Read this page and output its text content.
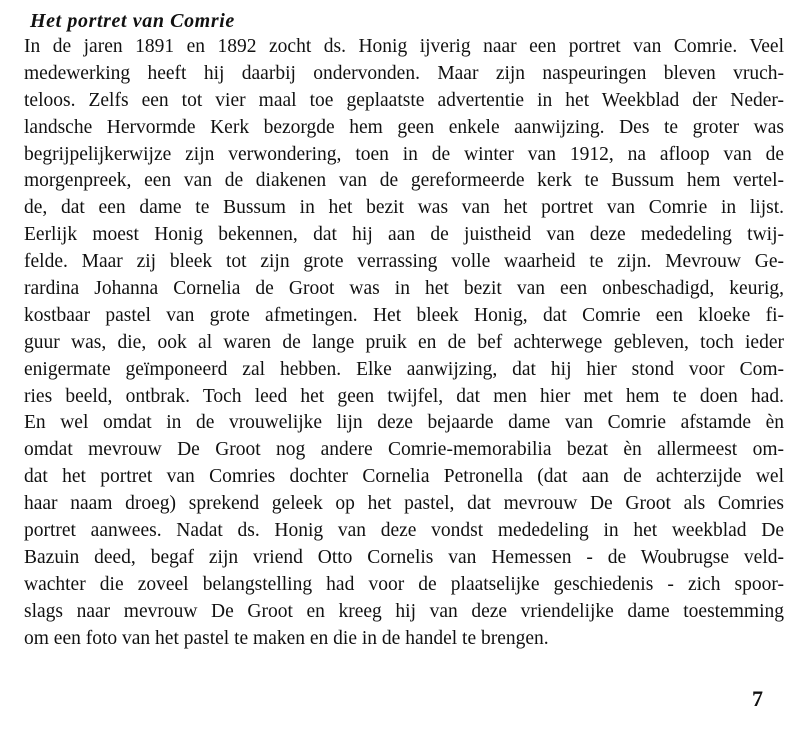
Het portret van Comrie
In de jaren 1891 en 1892 zocht ds. Honig ijverig naar een portret van Comrie. Veel
medewerking heeft hij daarbij ondervonden. Maar zijn naspeuringen bleven vruch-
teloos. Zelfs een tot vier maal toe geplaatste advertentie in het Weekblad der Neder-
landsche Hervormde Kerk bezorgde hem geen enkele aanwijzing. Des te groter was
begrijpelijkerwijze zijn verwondering, toen in de winter van 1912, na afloop van de
morgenpreek, een van de diakenen van de gereformeerde kerk te Bussum hem vertel-
de, dat een dame te Bussum in het bezit was van het portret van Comrie in lijst.
Eerlijk moest Honig bekennen, dat hij aan de juistheid van deze mededeling twij-
felde. Maar zij bleek tot zijn grote verrassing volle waarheid te zijn. Mevrouw Ge-
rardina Johanna Cornelia de Groot was in het bezit van een onbeschadigd, keurig,
kostbaar pastel van grote afmetingen. Het bleek Honig, dat Comrie een kloeke fi-
guur was, die, ook al waren de lange pruik en de bef achterwege gebleven, toch ieder
enigermate geïmponeerd zal hebben. Elke aanwijzing, dat hij hier stond voor Com-
ries beeld, ontbrak. Toch leed het geen twijfel, dat men hier met hem te doen had.
En wel omdat in de vrouwelijke lijn deze bejaarde dame van Comrie afstamde èn
omdat mevrouw De Groot nog andere Comrie-memorabilia bezat èn allermeest om-
dat het portret van Comries dochter Cornelia Petronella (dat aan de achterzijde wel
haar naam droeg) sprekend geleek op het pastel, dat mevrouw De Groot als Comries
portret aanwees. Nadat ds. Honig van deze vondst mededeling in het weekblad De
Bazuin deed, begaf zijn vriend Otto Cornelis van Hemessen - de Woubrugse veld-
wachter die zoveel belangstelling had voor de plaatselijke geschiedenis - zich spoor-
slags naar mevrouw De Groot en kreeg hij van deze vriendelijke dame toestemming
om een foto van het pastel te maken en die in de handel te brengen.
7
